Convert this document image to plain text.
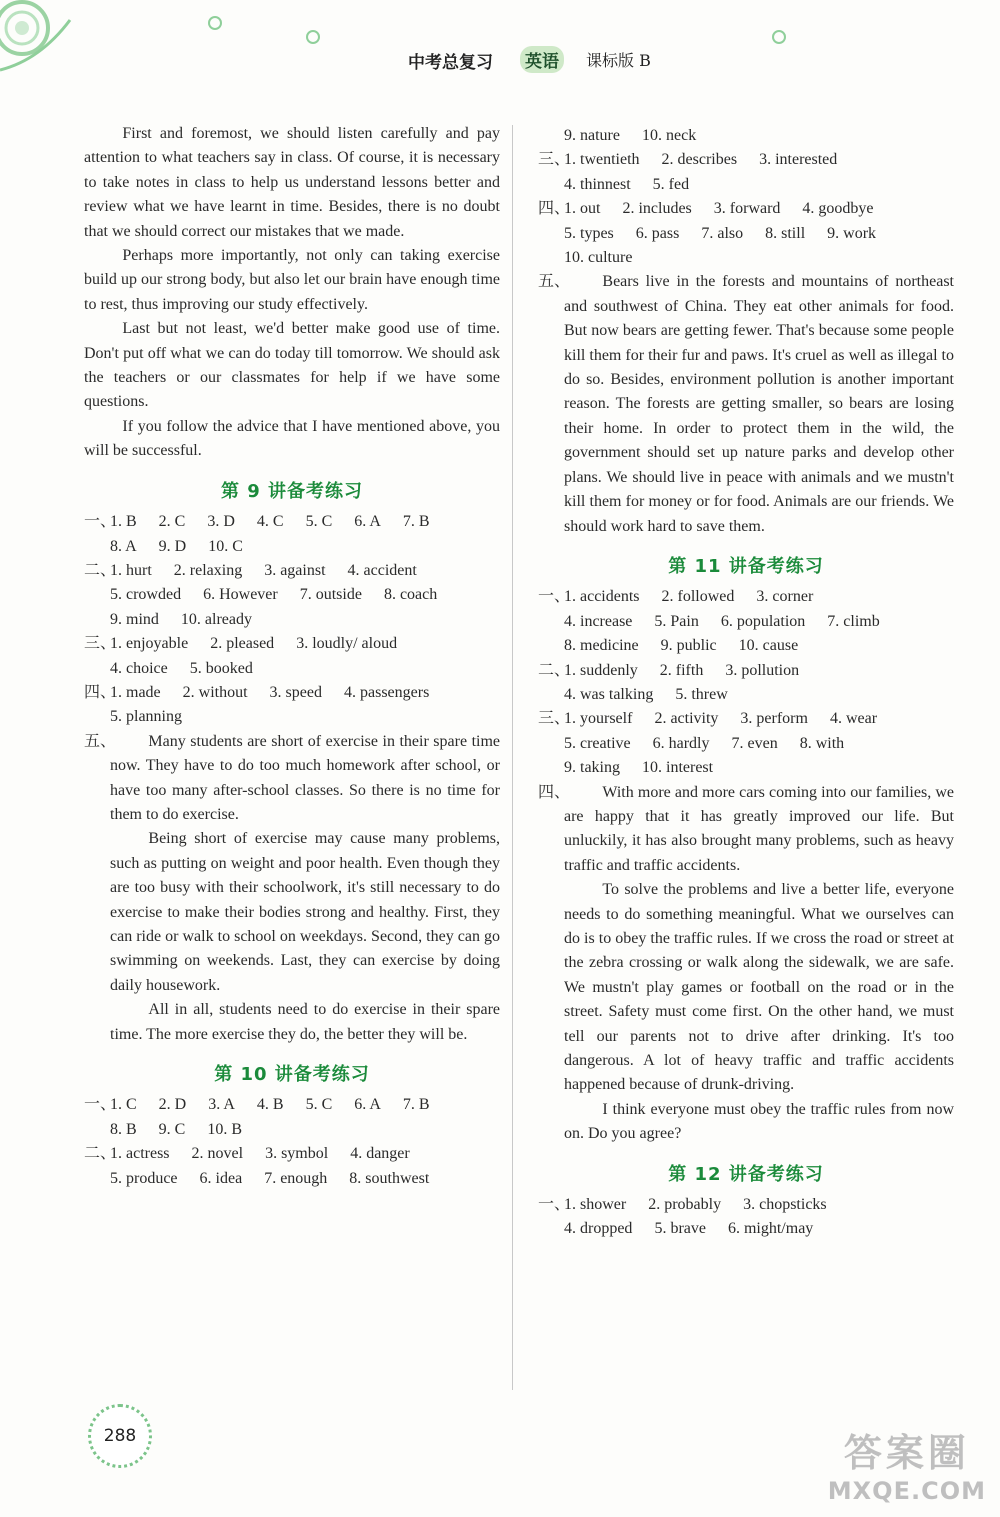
中考总复习 英语	课标版 B

First and foremost, we should listen carefully and pay attention to what teachers say in class. Of course, it is necessary to take notes in class to help us understand lessons better and review what we have learnt in time. Besides, there is no doubt that we should correct our mistakes that we made.

Perhaps more importantly, not only can taking exercise build up our strong body, but also let our brain have enough time to rest, thus improving our study effectively.

Last but not least, we'd better make good use of time. Don't put off what we can do today till tomorrow. We should ask the teachers or our classmates for help if we have some questions.

If you follow the advice that I have mentioned above, you will be successful.

第 9 讲备考练习
一、
1. B 2. C 3. D 4. C 5. C 6. A 7. B
8. A 9. D 10. C
二、
1. hurt 2. relaxing 3. against 4. accident
5. crowded 6. However 7. outside 8. coach
9. mind 10. already
三、
1. enjoyable 2. pleased 3. loudly/ aloud
4. choice 5. booked
四、
1. made 2. without 3. speed 4. passengers
5. planning
五、	Many students are short of exercise in their spare time now. They have to do too much homework after school, or have too many after-school classes. So there is no time for them to do exercise.

Being short of exercise may cause many problems, such as putting on weight and poor health. Even though they are too busy with their schoolwork, it's still necessary to do exercise to make their bodies strong and healthy. First, they can ride or walk to school on weekdays. Second, they can go swimming on weekends. Last, they can exercise by doing daily housework.

All in all, students need to do exercise in their spare time. The more exercise they do, the better they will be.

第 10 讲备考练习
一、
1. C 2. D 3. A 4. B 5. C 6. A 7. B
8. B 9. C 10. B
二、
1. actress 2. novel 3. symbol 4. danger
5. produce 6. idea 7. enough 8. southwest
9. nature 10. neck
三、
1. twentieth 2. describes 3. interested
4. thinnest 5. fed
四、
1. out 2. includes 3. forward 4. goodbye
5. types 6. pass 7. also 8. still 9. work
10. culture
五、	Bears live in the forests and mountains of northeast and southwest of China. They eat other animals for food. But now bears are getting fewer. That's because some people kill them for their fur and paws. It's cruel as well as illegal to do so. Besides, environment pollution is another important reason. The forests are getting smaller, so bears are losing their home. In order to protect them in the wild, the government should set up nature parks and develop other plans. We should live in peace with animals and we mustn't kill them for money or for food. Animals are our friends. We should work hard to save them.

第 11 讲备考练习
一、
1. accidents 2. followed 3. corner
4. increase 5. Pain 6. population 7. climb
8. medicine 9. public 10. cause
二、
1. suddenly 2. fifth 3. pollution
4. was talking 5. threw
三、
1. yourself 2. activity 3. perform 4. wear
5. creative 6. hardly 7. even 8. with
9. taking 10. interest
四、	With more and more cars coming into our families, we are happy that it has greatly improved our life. But unluckily, it has also brought many problems, such as heavy traffic and traffic accidents.

To solve the problems and live a better life, everyone needs to do something meaningful. What we ourselves can do is to obey the traffic rules. If we cross the road or street at the zebra crossing or walk along the sidewalk, we are safe. We mustn't play games or football on the road or in the street. Safety must come first. On the other hand, we must tell our parents not to drive after drinking. It's too dangerous. A lot of heavy traffic and traffic accidents happened because of drunk-driving.

I think everyone must obey the traffic rules from now on. Do you agree?

第 12 讲备考练习
一、
1. shower 2. probably 3. chopsticks
4. dropped 5. brave 6. might/may
288	答案圈
MXQE.COM
